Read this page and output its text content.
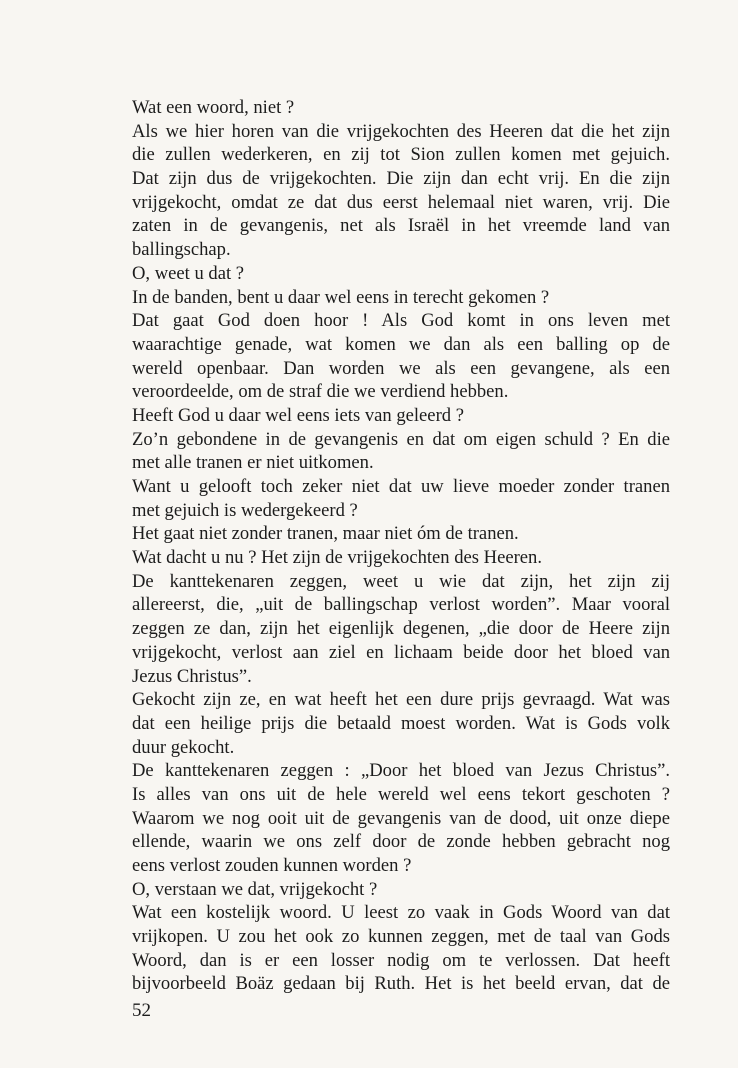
Wat een woord, niet ?
Als we hier horen van die vrijgekochten des Heeren dat die het zijn
die zullen wederkeren, en zij tot Sion zullen komen met gejuich.
Dat zijn dus de vrijgekochten. Die zijn dan echt vrij. En die zijn
vrijgekocht, omdat ze dat dus eerst helemaal niet waren, vrij. Die
zaten in de gevangenis, net als Israël in het vreemde land van
ballingschap.
O, weet u dat ?
In de banden, bent u daar wel eens in terecht gekomen ?
Dat gaat God doen hoor ! Als God komt in ons leven met
waarachtige genade, wat komen we dan als een balling op de
wereld openbaar. Dan worden we als een gevangene, als een
veroordeelde, om de straf die we verdiend hebben.
Heeft God u daar wel eens iets van geleerd ?
Zo’n gebondene in de gevangenis en dat om eigen schuld ? En die
met alle tranen er niet uitkomen.
Want u gelooft toch zeker niet dat uw lieve moeder zonder tranen
met gejuich is wedergekeerd ?
Het gaat niet zonder tranen, maar niet óm de tranen.
Wat dacht u nu ? Het zijn de vrijgekochten des Heeren.
De kanttekenaren zeggen, weet u wie dat zijn, het zijn zij
allereerst, die, „uit de ballingschap verlost worden”. Maar vooral
zeggen ze dan, zijn het eigenlijk degenen, „die door de Heere zijn
vrijgekocht, verlost aan ziel en lichaam beide door het bloed van
Jezus Christus”.
Gekocht zijn ze, en wat heeft het een dure prijs gevraagd. Wat was
dat een heilige prijs die betaald moest worden. Wat is Gods volk
duur gekocht.
De kanttekenaren zeggen : „Door het bloed van Jezus Christus”.
Is alles van ons uit de hele wereld wel eens tekort geschoten ?
Waarom we nog ooit uit de gevangenis van de dood, uit onze diepe
ellende, waarin we ons zelf door de zonde hebben gebracht nog
eens verlost zouden kunnen worden ?
O, verstaan we dat, vrijgekocht ?
Wat een kostelijk woord. U leest zo vaak in Gods Woord van dat
vrijkopen. U zou het ook zo kunnen zeggen, met de taal van Gods
Woord, dan is er een losser nodig om te verlossen. Dat heeft
bijvoorbeeld Boäz gedaan bij Ruth. Het is het beeld ervan, dat de
52
